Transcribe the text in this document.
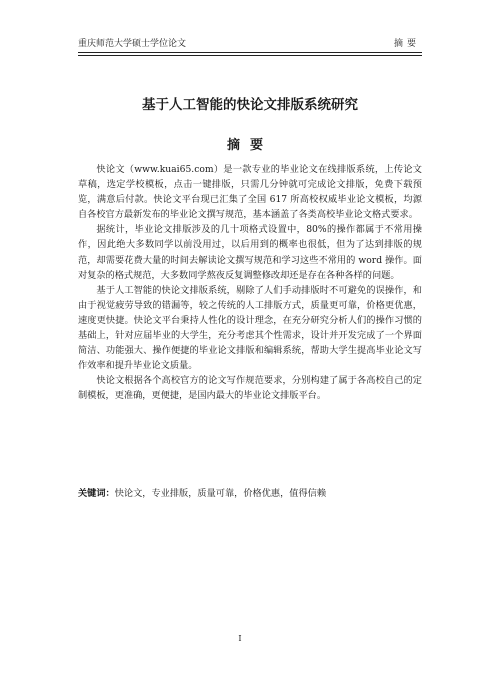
重庆师范大学硕士学位论文	摘要
基于人工智能的快论文排版系统研究
摘要

快论文（www.kuai65.com）是一款专业的毕业论文在线排版系统，上传论文草稿，选定学校模板，点击一键排版，只需几分钟就可完成论文排版，免费下载预览，满意后付款。快论文平台现已汇集了全国 617 所高校权威毕业论文模板，均源自各校官方最新发布的毕业论文撰写规范，基本涵盖了各类高校毕业论文格式要求。

据统计，毕业论文排版涉及的几十项格式设置中，80%的操作都属于不常用操作，因此绝大多数同学以前没用过，以后用到的概率也很低，但为了达到排版的规范，却需要花费大量的时间去解读论文撰写规范和学习这些不常用的 word 操作。面对复杂的格式规范，大多数同学熬夜反复调整修改却还是存在各种各样的问题。

基于人工智能的快论文排版系统，剔除了人们手动排版时不可避免的误操作，和由于视觉疲劳导致的错漏等，较之传统的人工排版方式，质量更可靠，价格更优惠，速度更快捷。快论文平台秉持人性化的设计理念，在充分研究分析人们的操作习惯的基础上，针对应届毕业的大学生，充分考虑其个性需求，设计并开发完成了一个界面简洁、功能强大、操作便捷的毕业论文排版和编辑系统，帮助大学生提高毕业论文写作效率和提升毕业论文质量。

快论文根据各个高校官方的论文写作规范要求，分别构建了属于各高校自己的定制模板，更准确，更便捷，是国内最大的毕业论文排版平台。

关键词：快论文，专业排版，质量可靠，价格优惠，值得信赖
I
